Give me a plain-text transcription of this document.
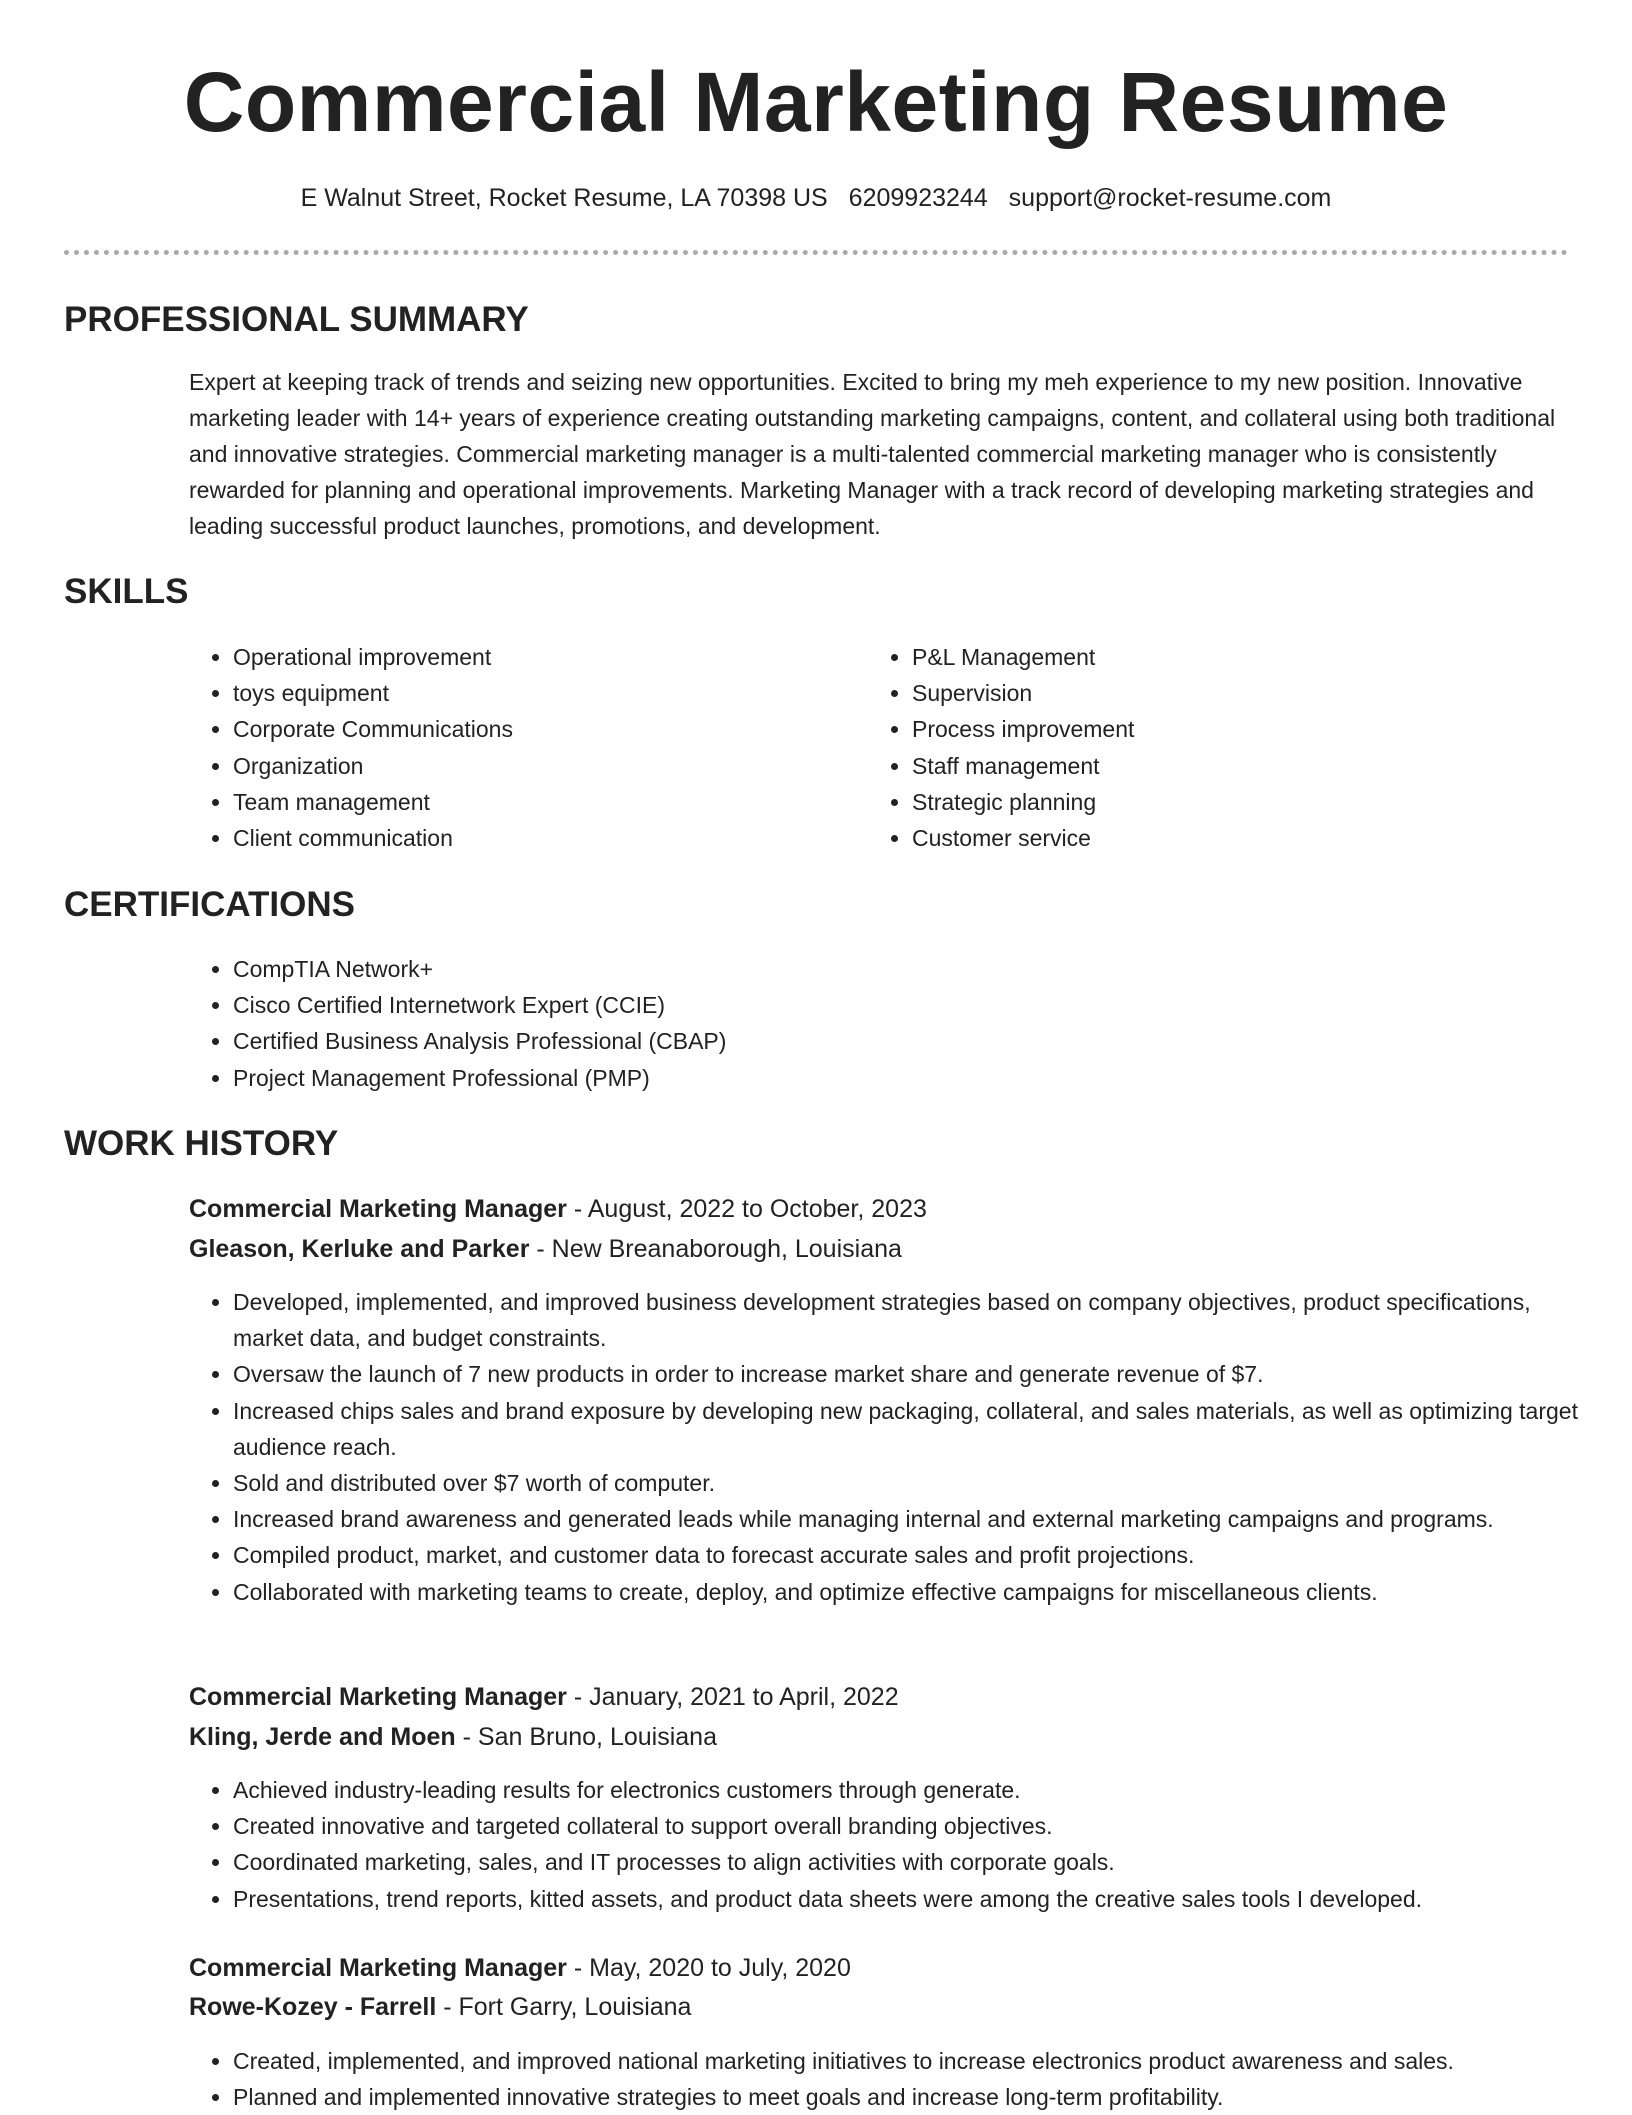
Commercial Marketing Resume
E Walnut Street, Rocket Resume, LA 70398 US 6209923244 support@rocket-resume.com
PROFESSIONAL SUMMARY

Expert at keeping track of trends and seizing new opportunities. Excited to bring my meh experience to my new position. Innovative marketing leader with 14+ years of experience creating outstanding marketing campaigns, content, and collateral using both traditional and innovative strategies. Commercial marketing manager is a multi-talented commercial marketing manager who is consistently rewarded for planning and operational improvements. Marketing Manager with a track record of developing marketing strategies and leading successful product launches, promotions, and development.

SKILLS
• Operational improvement
• toys equipment
• Corporate Communications
• Organization
• Team management
• Client communication
• P&L Management
• Supervision
• Process improvement
• Staff management
• Strategic planning
• Customer service
CERTIFICATIONS
• CompTIA Network+
• Cisco Certified Internetwork Expert (CCIE)
• Certified Business Analysis Professional (CBAP)
• Project Management Professional (PMP)
WORK HISTORY
Commercial Marketing Manager - August, 2022 to October, 2023
Gleason, Kerluke and Parker - New Breanaborough, Louisiana
• Developed, implemented, and improved business development strategies based on company objectives, product specifications, market data, and budget constraints.
• Oversaw the launch of 7 new products in order to increase market share and generate revenue of $7.
• Increased chips sales and brand exposure by developing new packaging, collateral, and sales materials, as well as optimizing target audience reach.
• Sold and distributed over $7 worth of computer.
• Increased brand awareness and generated leads while managing internal and external marketing campaigns and programs.
• Compiled product, market, and customer data to forecast accurate sales and profit projections.
• Collaborated with marketing teams to create, deploy, and optimize effective campaigns for miscellaneous clients.
Commercial Marketing Manager - January, 2021 to April, 2022
Kling, Jerde and Moen - San Bruno, Louisiana
• Achieved industry-leading results for electronics customers through generate.
• Created innovative and targeted collateral to support overall branding objectives.
• Coordinated marketing, sales, and IT processes to align activities with corporate goals.
• Presentations, trend reports, kitted assets, and product data sheets were among the creative sales tools I developed.
Commercial Marketing Manager - May, 2020 to July, 2020
Rowe-Kozey - Farrell - Fort Garry, Louisiana
• Created, implemented, and improved national marketing initiatives to increase electronics product awareness and sales.
• Planned and implemented innovative strategies to meet goals and increase long-term profitability.
